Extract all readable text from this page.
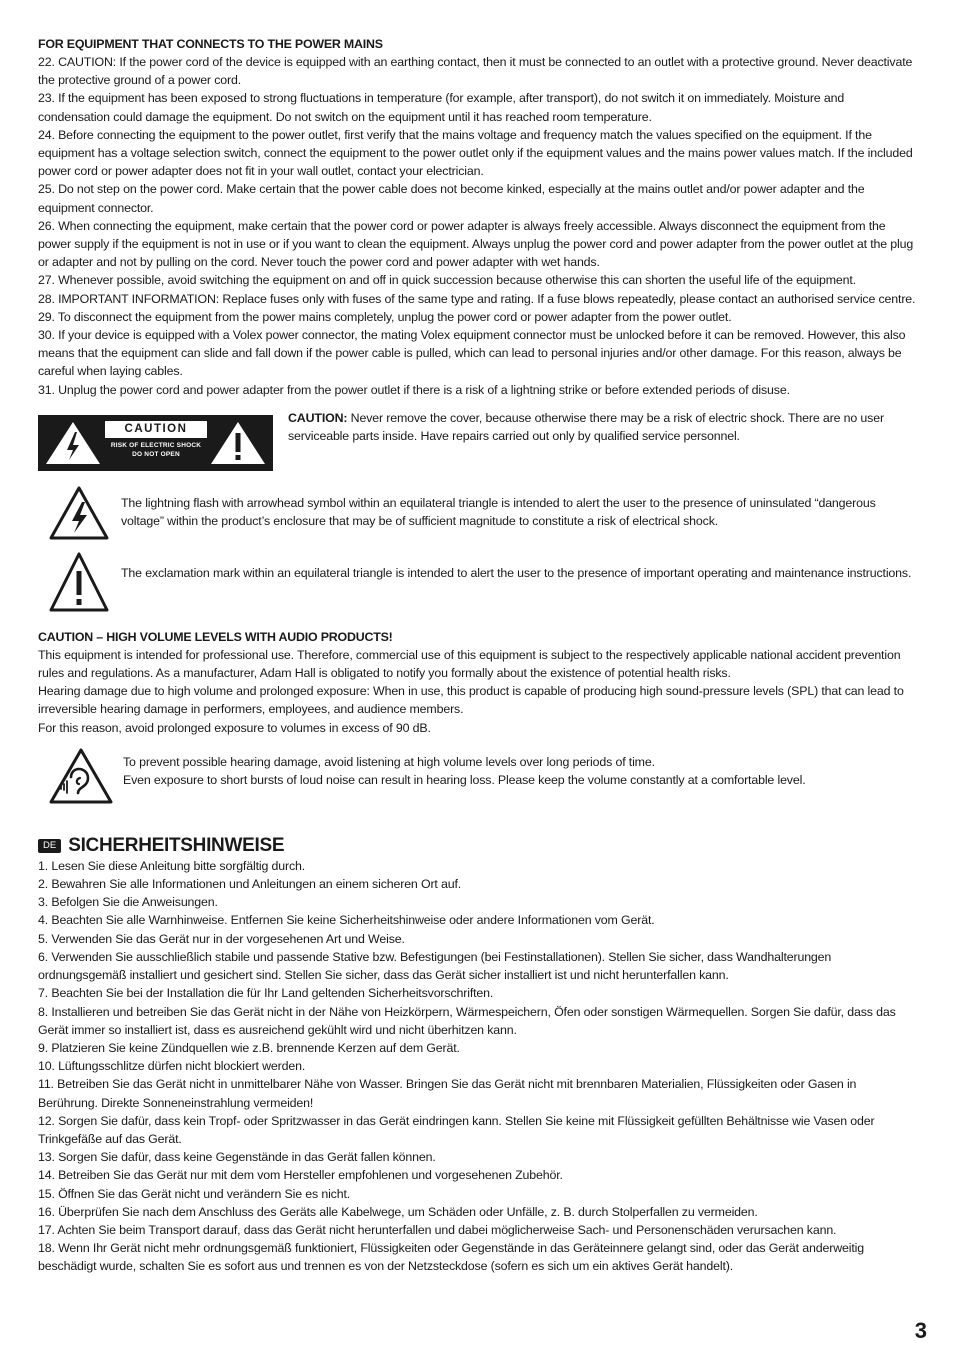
FOR EQUIPMENT THAT CONNECTS TO THE POWER MAINS

22. CAUTION: If the power cord of the device is equipped with an earthing contact, then it must be connected to an outlet with a protective ground. Never deactivate the protective ground of a power cord.

23. If the equipment has been exposed to strong fluctuations in temperature (for example, after transport), do not switch it on immediately. Moisture and condensation could damage the equipment. Do not switch on the equipment until it has reached room temperature.

24. Before connecting the equipment to the power outlet, first verify that the mains voltage and frequency match the values specified on the equipment. If the equipment has a voltage selection switch, connect the equipment to the power outlet only if the equipment values and the mains power values match. If the included power cord or power adapter does not fit in your wall outlet, contact your electrician.

25. Do not step on the power cord. Make certain that the power cable does not become kinked, especially at the mains outlet and/or power adapter and the equipment connector.

26. When connecting the equipment, make certain that the power cord or power adapter is always freely accessible. Always disconnect the equipment from the power supply if the equipment is not in use or if you want to clean the equipment. Always unplug the power cord and power adapter from the power outlet at the plug or adapter and not by pulling on the cord. Never touch the power cord and power adapter with wet hands.

27. Whenever possible, avoid switching the equipment on and off in quick succession because otherwise this can shorten the useful life of the equipment.

28. IMPORTANT INFORMATION: Replace fuses only with fuses of the same type and rating. If a fuse blows repeatedly, please contact an authorised service centre.

29. To disconnect the equipment from the power mains completely, unplug the power cord or power adapter from the power outlet.

30. If your device is equipped with a Volex power connector, the mating Volex equipment connector must be unlocked before it can be removed. However, this also means that the equipment can slide and fall down if the power cable is pulled, which can lead to personal injuries and/or other damage. For this reason, always be careful when laying cables.

31. Unplug the power cord and power adapter from the power outlet if there is a risk of a lightning strike or before extended periods of disuse.

CAUTION
RISK OF ELECTRIC SHOCK
DO NOT OPEN

CAUTION: Never remove the cover, because otherwise there may be a risk of electric shock. There are no user serviceable parts inside. Have repairs carried out only by qualified service personnel.

The lightning flash with arrowhead symbol within an equilateral triangle is intended to alert the user to the presence of uninsulated “dangerous voltage” within the product’s enclosure that may be of sufficient magnitude to constitute a risk of electrical shock.

The exclamation mark within an equilateral triangle is intended to alert the user to the presence of important operating and maintenance instructions.

CAUTION – HIGH VOLUME LEVELS WITH AUDIO PRODUCTS!

This equipment is intended for professional use. Therefore, commercial use of this equipment is subject to the respectively applicable national accident prevention rules and regulations. As a manufacturer, Adam Hall is obligated to notify you formally about the existence of potential health risks.

Hearing damage due to high volume and prolonged exposure: When in use, this product is capable of producing high sound-pressure levels (SPL) that can lead to irreversible hearing damage in performers, employees, and audience members.

For this reason, avoid prolonged exposure to volumes in excess of 90 dB.

To prevent possible hearing damage, avoid listening at high volume levels over long periods of time.

Even exposure to short bursts of loud noise can result in hearing loss. Please keep the volume constantly at a comfortable level.

DE SICHERHEITSHINWEISE

1. Lesen Sie diese Anleitung bitte sorgfältig durch.

2. Bewahren Sie alle Informationen und Anleitungen an einem sicheren Ort auf.

3. Befolgen Sie die Anweisungen.

4. Beachten Sie alle Warnhinweise. Entfernen Sie keine Sicherheitshinweise oder andere Informationen vom Gerät.

5. Verwenden Sie das Gerät nur in der vorgesehenen Art und Weise.

6. Verwenden Sie ausschließlich stabile und passende Stative bzw. Befestigungen (bei Festinstallationen). Stellen Sie sicher, dass Wandhalterungen ordnungsgemäß installiert und gesichert sind. Stellen Sie sicher, dass das Gerät sicher installiert ist und nicht herunterfallen kann.

7. Beachten Sie bei der Installation die für Ihr Land geltenden Sicherheitsvorschriften.

8. Installieren und betreiben Sie das Gerät nicht in der Nähe von Heizkörpern, Wärmespeichern, Öfen oder sonstigen Wärmequellen. Sorgen Sie dafür, dass das Gerät immer so installiert ist, dass es ausreichend gekühlt wird und nicht überhitzen kann.

9. Platzieren Sie keine Zündquellen wie z.B. brennende Kerzen auf dem Gerät.

10. Lüftungsschlitze dürfen nicht blockiert werden.

11. Betreiben Sie das Gerät nicht in unmittelbarer Nähe von Wasser. Bringen Sie das Gerät nicht mit brennbaren Materialien, Flüssigkeiten oder Gasen in Berührung. Direkte Sonneneinstrahlung vermeiden!

12. Sorgen Sie dafür, dass kein Tropf- oder Spritzwasser in das Gerät eindringen kann. Stellen Sie keine mit Flüssigkeit gefüllten Behältnisse wie Vasen oder Trinkgefäße auf das Gerät.

13. Sorgen Sie dafür, dass keine Gegenstände in das Gerät fallen können.

14. Betreiben Sie das Gerät nur mit dem vom Hersteller empfohlenen und vorgesehenen Zubehör.

15. Öffnen Sie das Gerät nicht und verändern Sie es nicht.

16. Überprüfen Sie nach dem Anschluss des Geräts alle Kabelwege, um Schäden oder Unfälle, z. B. durch Stolperfallen zu vermeiden.

17. Achten Sie beim Transport darauf, dass das Gerät nicht herunterfallen und dabei möglicherweise Sach- und Personenschäden verursachen kann.

18. Wenn Ihr Gerät nicht mehr ordnungsgemäß funktioniert, Flüssigkeiten oder Gegenstände in das Geräteinnere gelangt sind, oder das Gerät anderweitig beschädigt wurde, schalten Sie es sofort aus und trennen es von der Netzsteckdose (sofern es sich um ein aktives Gerät handelt).

3
